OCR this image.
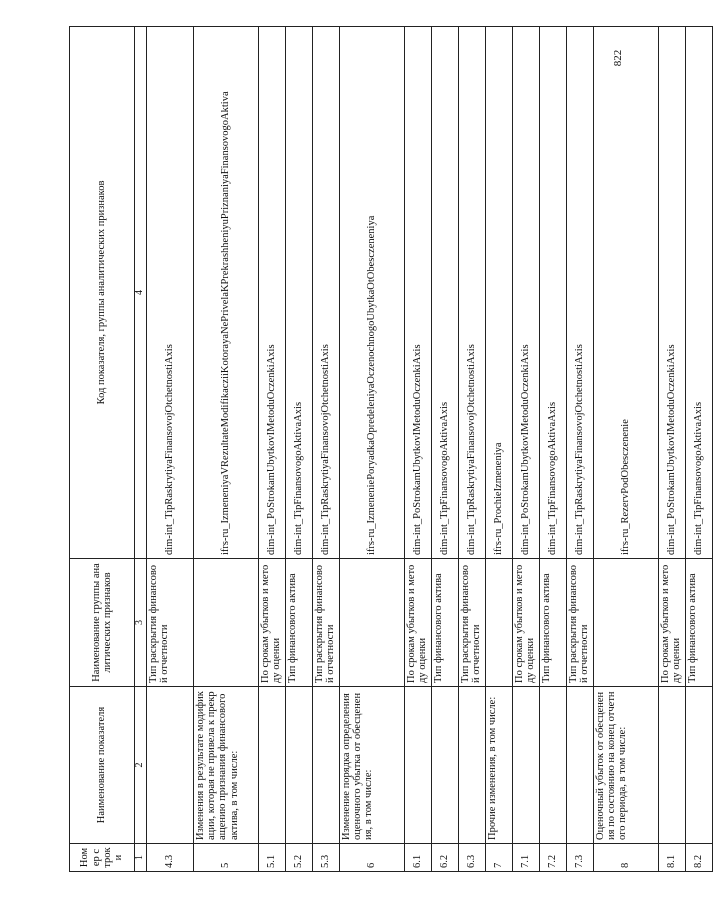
822
Номер строки	Наименование показателя	Наименование группы аналитических признаков	Код показателя, группы аналитических признаков
1	2	3	4
4.3		Тип раскрытия финансовой отчетности	dim-int_TipRaskrytiyaFinansovojOtchetnostiAxis
5	Изменения в результате модификации, которая не привела к прекращению признания финансового актива, в том числе:		ifrs-ru_IzmeneniyaVRezultateModifikacziiKotorayaNePrivelaKPrekrashheniyuPriznaniyaFinansovogoAktiva
5.1		По срокам убытков и методу оценки	dim-int_PoStrokamUbytkovIMetoduOczenkiAxis
5.2		Тип финансового актива	dim-int_TipFinansovogoAktivaAxis
5.3		Тип раскрытия финансовой отчетности	dim-int_TipRaskrytiyaFinansovojOtchetnostiAxis
6	Изменение порядка определения оценочного убытка от обесценения, в том числе:		ifrs-ru_IzmeneniePoryadkaOpredeleniyaOczenochnogoUbytkaOtObesczeneniya
6.1		По срокам убытков и методу оценки	dim-int_PoStrokamUbytkovIMetoduOczenkiAxis
6.2		Тип финансового актива	dim-int_TipFinansovogoAktivaAxis
6.3		Тип раскрытия финансовой отчетности	dim-int_TipRaskrytiyaFinansovojOtchetnostiAxis
7	Прочие изменения, в том числе:		ifrs-ru_ProchieIzmeneniya
7.1		По срокам убытков и методу оценки	dim-int_PoStrokamUbytkovIMetoduOczenkiAxis
7.2		Тип финансового актива	dim-int_TipFinansovogoAktivaAxis
7.3		Тип раскрытия финансовой отчетности	dim-int_TipRaskrytiyaFinansovojOtchetnostiAxis
8	Оценочный убыток от обесценения по состоянию на конец отчетного периода, в том числе:		ifrs-ru_RezervPodObesczenenie
8.1		По срокам убытков и методу оценки	dim-int_PoStrokamUbytkovIMetoduOczenkiAxis
8.2		Тип финансового актива	dim-int_TipFinansovogoAktivaAxis
